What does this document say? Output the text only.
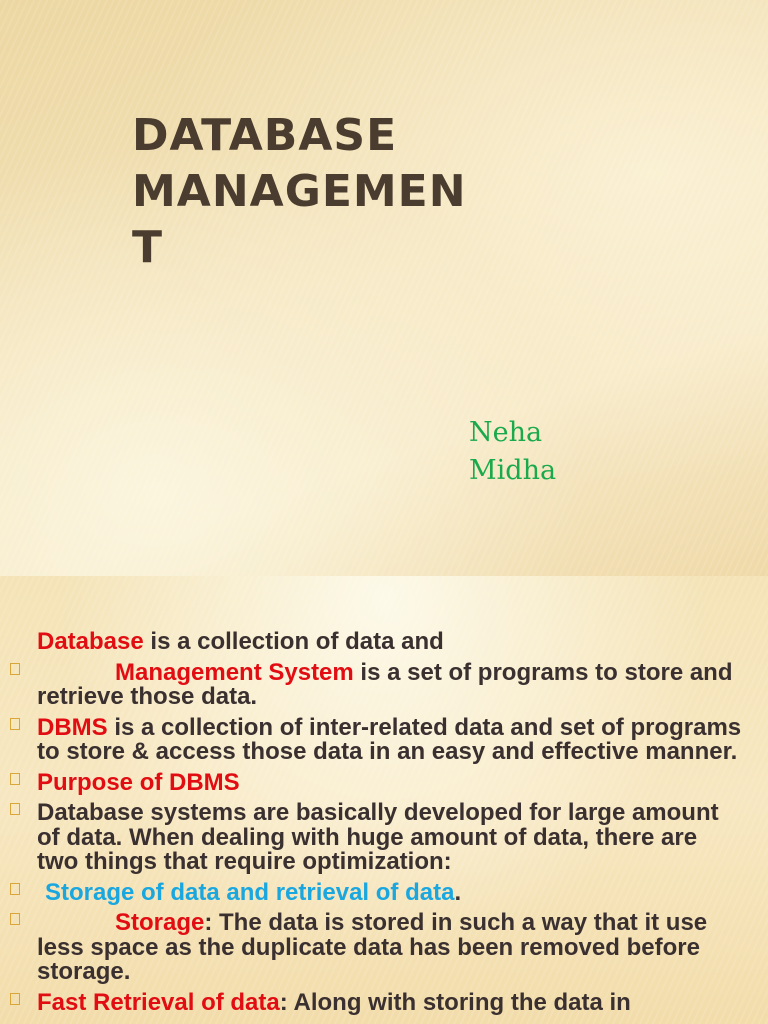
DATABASE
MANAGEMEN
T
Neha
Midha
Database is a collection of data and
Management System is a set of programs to store and retrieve those data.
DBMS is a collection of inter-related data and set of programs to store & access those data in an easy and effective manner.
Purpose of DBMS
Database systems are basically developed for large amount of data. When dealing with huge amount of data, there are two things that require optimization:
Storage of data and retrieval of data.
Storage: The data is stored in such a way that it use less space as the duplicate data has been removed before storage.
Fast Retrieval of data: Along with storing the data in
